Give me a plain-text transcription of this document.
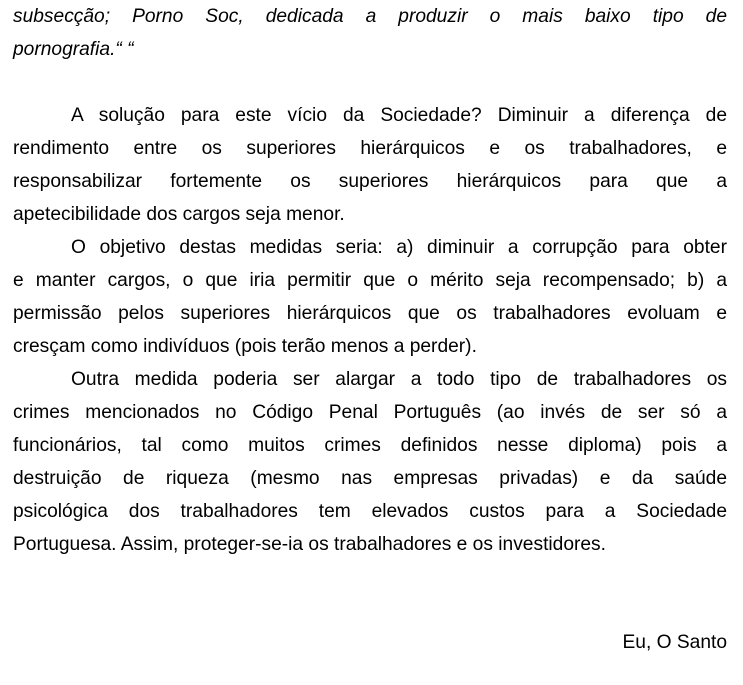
subsecção; Porno Soc, dedicada a produzir o mais baixo tipo de
pornografia.“ “
A solução para este vício da Sociedade? Diminuir a diferença de
rendimento entre os superiores hierárquicos e os trabalhadores, e
responsabilizar fortemente os superiores hierárquicos para que a
apetecibilidade dos cargos seja menor.
O objetivo destas medidas seria: a) diminuir a corrupção para obter
e manter cargos, o que iria permitir que o mérito seja recompensado; b) a
permissão pelos superiores hierárquicos que os trabalhadores evoluam e
cresçam como indivíduos (pois terão menos a perder).
Outra medida poderia ser alargar a todo tipo de trabalhadores os
crimes mencionados no Código Penal Português (ao invés de ser só a
funcionários, tal como muitos crimes definidos nesse diploma) pois a
destruição de riqueza (mesmo nas empresas privadas) e da saúde
psicológica dos trabalhadores tem elevados custos para a Sociedade
Portuguesa. Assim, proteger-se-ia os trabalhadores e os investidores.
Eu, O Santo
